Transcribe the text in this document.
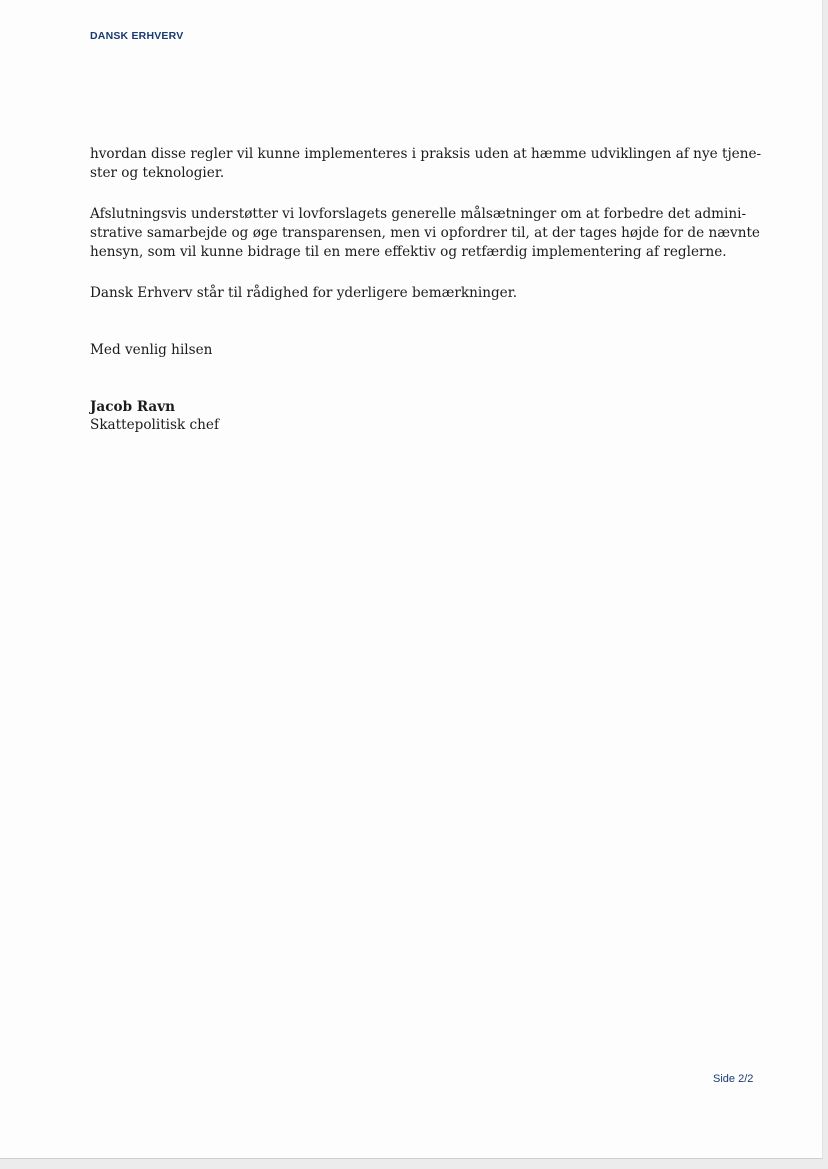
DANSK ERHVERV

hvordan disse regler vil kunne implementeres i praksis uden at hæmme udviklingen af nye tjene-
ster og teknologier.

Afslutningsvis understøtter vi lovforslagets generelle målsætninger om at forbedre det admini-
strative samarbejde og øge transparensen, men vi opfordrer til, at der tages højde for de nævnte
hensyn, som vil kunne bidrage til en mere effektiv og retfærdig implementering af reglerne.

Dansk Erhverv står til rådighed for yderligere bemærkninger.

Med venlig hilsen
Jacob Ravn
Skattepolitisk chef
Side 2/2
